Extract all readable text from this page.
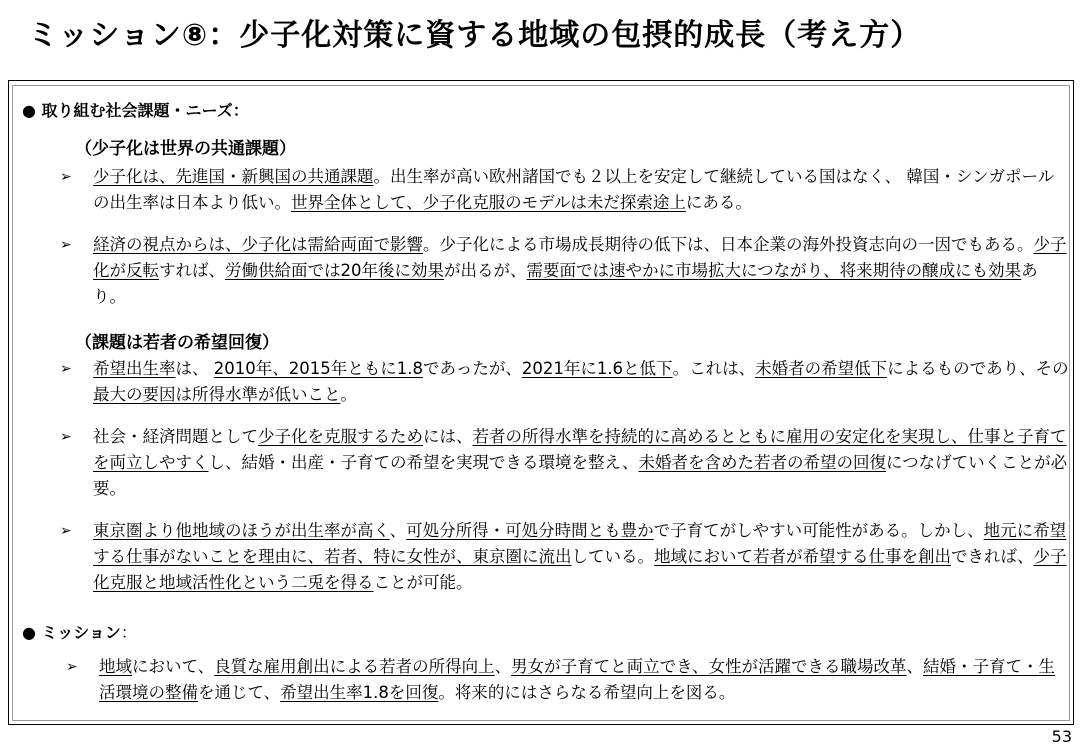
ミッション⑧：少子化対策に資する地域の包摂的成長（考え方）
● 取り組む社会課題・ニーズ：
（少子化は世界の共通課題）
➢ 少子化は、先進国・新興国の共通課題。出生率が高い欧州諸国でも２以上を安定して継続している国はなく、 韓国・シンガポールの出生率は日本より低い。世界全体として、少子化克服のモデルは未だ探索途上にある。
➢ 経済の視点からは、少子化は需給両面で影響。少子化による市場成長期待の低下は、日本企業の海外投資志向の一因でもある。少子化が反転すれば、労働供給面では20年後に効果が出るが、需要面では速やかに市場拡大につながり、将来期待の醸成にも効果あり。
（課題は若者の希望回復）
➢ 希望出生率は、 2010年、2015年ともに1.8であったが、2021年に1.6と低下。これは、未婚者の希望低下によるものであり、その最大の要因は所得水準が低いこと。
➢ 社会・経済問題として少子化を克服するためには、若者の所得水準を持続的に高めるとともに雇用の安定化を実現し、仕事と子育てを両立しやすくし、結婚・出産・子育ての希望を実現できる環境を整え、未婚者を含めた若者の希望の回復につなげていくことが必要。
➢ 東京圏より他地域のほうが出生率が高く、可処分所得・可処分時間とも豊かで子育てがしやすい可能性がある。しかし、地元に希望する仕事がないことを理由に、若者、特に女性が、東京圏に流出している。地域において若者が希望する仕事を創出できれば、少子化克服と地域活性化という二兎を得ることが可能。
● ミッション：
➢ 地域において、良質な雇用創出による若者の所得向上、男女が子育てと両立でき、女性が活躍できる職場改革、結婚・子育て・生活環境の整備を通じて、希望出生率1.8を回復。将来的にはさらなる希望向上を図る。
53
